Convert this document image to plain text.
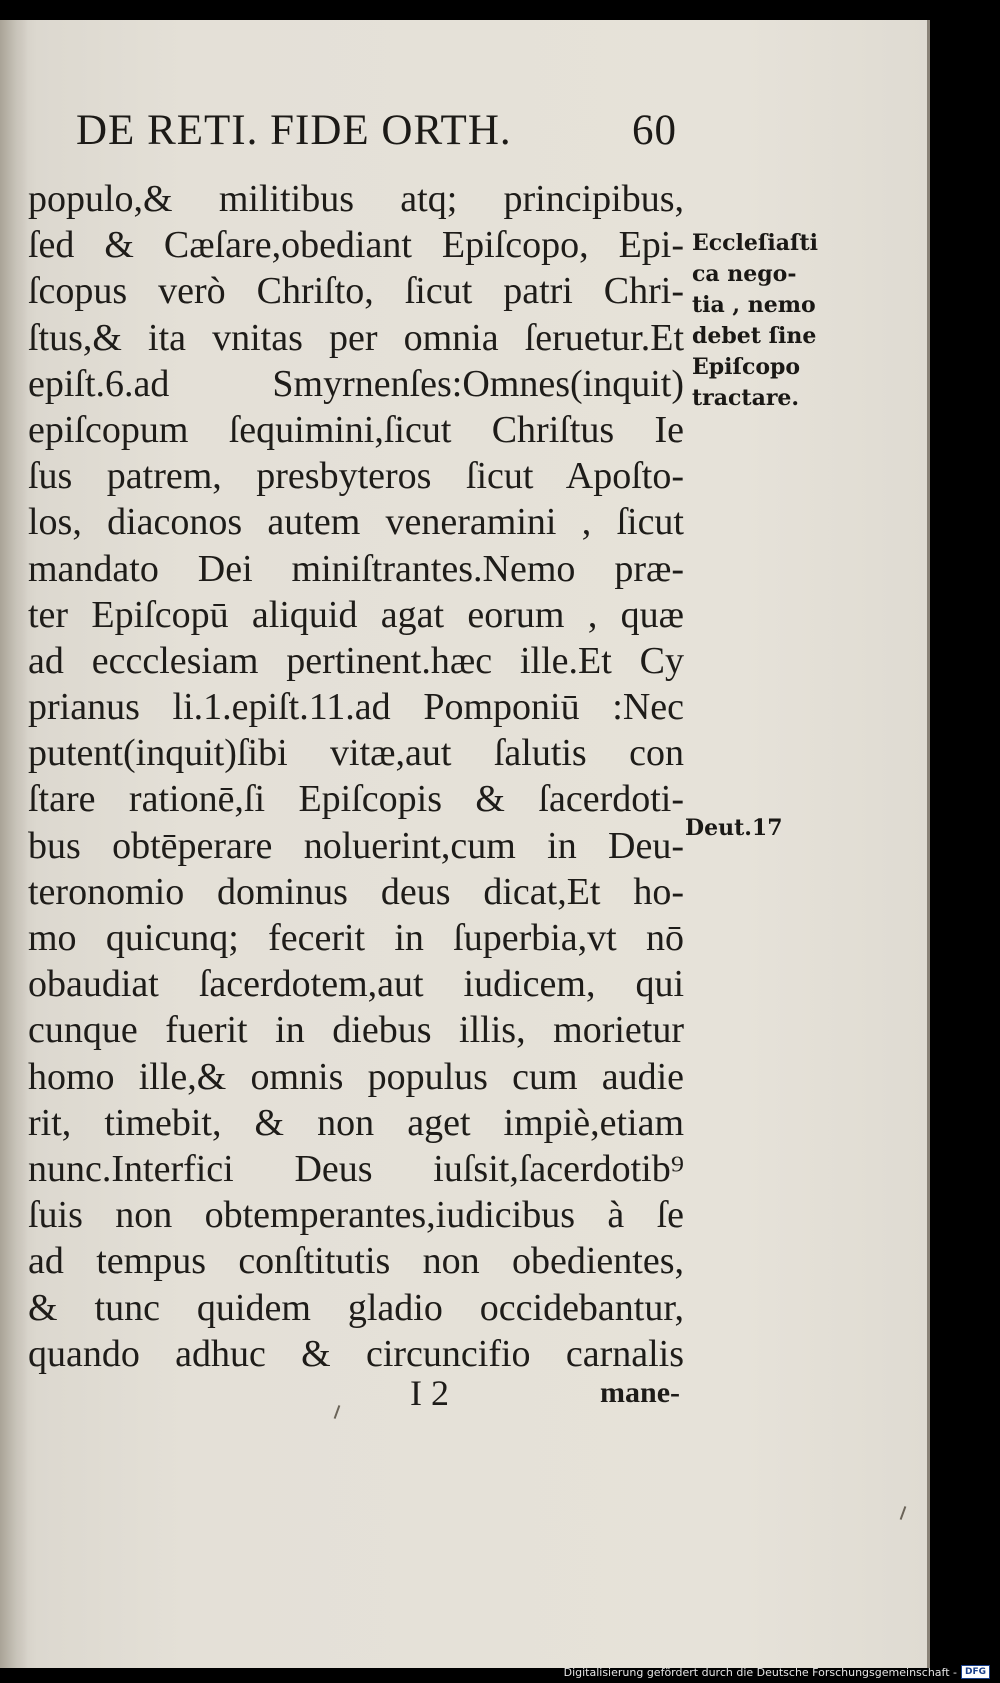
DE RETI. FIDE ORTH.	60
populo,& militibus atq; principibus,
ſed & Cæſare,obediant Epiſcopo, Epi-
ſcopus verò Chriſto, ſicut patri Chri-
ſtus,& ita vnitas per omnia ſeruetur.Et
epiſt.6.ad Smyrnenſes:Omnes(inquit)
epiſcopum ſequimini,ſicut Chriſtus Ie
ſus patrem, presbyteros ſicut Apoſto-
los, diaconos autem veneramini , ſicut
mandato Dei miniſtrantes.Nemo præ-
ter Epiſcopū aliquid agat eorum , quæ
ad eccclesiam pertinent.hæc ille.Et Cy
prianus li.1.epiſt.11.ad Pomponiū :Nec
putent(inquit)ſibi vitæ,aut ſalutis con
ſtare rationē,ſi Epiſcopis & ſacerdoti-
bus obtēperare noluerint,cum in Deu-
teronomio dominus deus dicat,Et ho-
mo quicunq; fecerit in ſuperbia,vt nō
obaudiat ſacerdotem,aut iudicem, qui
cunque fuerit in diebus illis, morietur
homo ille,& omnis populus cum audie
rit, timebit, & non aget impiè,etiam
nunc.Interfici Deus iuſsit,ſacerdotib⁹
ſuis non obtemperantes,iudicibus à ſe
ad tempus conſtitutis non obedientes,
& tunc quidem gladio occidebantur,
quando adhuc & circuncifio carnalis
Eccleſiaſti
ca nego-
tia , nemo
debet ſine
Epiſcopo
tractare.
Deut.17
I 2	mane-
Digitalisierung gefördert durch die Deutsche Forschungsgemeinschaft - DFG
